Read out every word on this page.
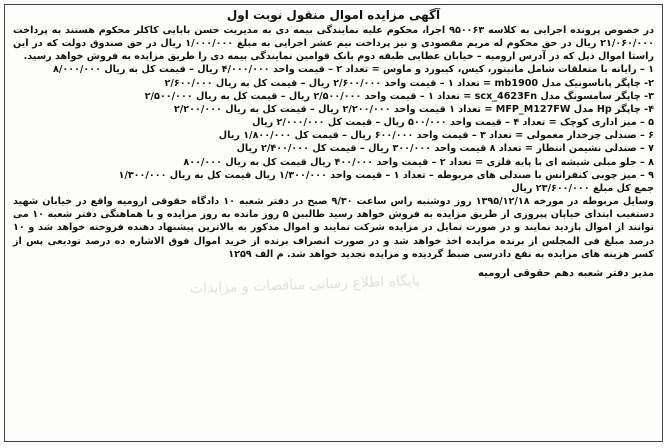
آگهی مزایده اموال منقول نوبت اول

در خصوص پرونده اجرایی به کلاسه ۹۵۰۰۶۳ اجرا، محکوم علیه نمایندگی بیمه دی به مدیریت حسن بابایی کاکلر محکوم هستند به پرداخت ۲۱/۰۶۰/۰۰۰ ریال در حق محکوم له مریم مقصودی و نیز پرداخت نیم عشر اجرایی به مبلغ ۱/۰۰۰/۰۰۰ ریال در حق صندوق دولت که در این راستا اموال ذیل که در آدرس ارومیه – خیابان عطایی طبقه دوم بانک قوامین نمایندگی بیمه دی را طریق مزایده به فروش خواهد رسید.

۱ – رایانه با متعلقات شامل مانیتور، کیس، کیبورد و ماوس = تعداد ۲ – قیمت واحد ۴/۰۰۰/۰۰۰ ریال – قیمت کل به ریال ۸/۰۰۰/۰۰۰

۲- چاپگر پاناسونیک مدل mb1900 = تعداد ۱ – قیمت واحد ۲/۶۰۰/۰۰۰ ریال – قیمت کل به ریال ۲/۶۰۰/۰۰۰

۳- چاپگر سامسونگ مدل scx_4623Fn = تعداد ۱ – قیمت واحد ۲/۵۰۰/۰۰۰ ریال – قیمت کل به ریال ۲/۵۰۰/۰۰۰

۴- چاپگر Hp مدل MFP_M127FW = تعداد ۱ قیمت واحد ۲/۲۰۰/۰۰۰ ریال – قیمت کل به ریال ۲/۲۰۰/۰۰۰

۵ – میز اداری کوچک = تعداد ۴ – قیمت واحد ۵۰۰/۰۰۰ ریال – قیمت کل ۲/۰۰۰/۰۰۰ ریال

۶ – صندلی چرخدار معمولی = تعداد ۳ – قیمت واحد ۶۰۰/۰۰۰ ریال – قیمت کل ۱/۸۰۰/۰۰۰ ریال

۷ – صندلی نشیمن انتظار = تعداد ۸ قیمت واحد ۳۰۰/۰۰۰ ریال – قیمت کل ۲/۴۰۰/۰۰۰ ریال

۸ – جلو مبلی شیشه ای با پایه فلزی = تعداد ۲ – قیمت واحد ۴۰۰/۰۰۰ ریال قیمت کل به ریال ۸۰۰/۰۰۰

۹ – میز چوبی کنفرانس با صندلی های مربوطه – تعداد ۱ – قیمت واحد ۱/۳۰۰/۰۰۰ ریال قیمت کل به ریال ۱/۳۰۰/۰۰۰

جمع کل مبلغ ۲۳/۶۰۰/۰۰۰ ریال

وسایل مربوطه در مورخه ۱۳۹۵/۱۲/۱۸ روز دوشنبه راس ساعت ۹/۳۰ صبح در دفتر شعبه ۱۰ دادگاه حقوقی ارومیه واقع در خیابان شهید دستغیب ابتدای خیابان پیروزی از طریق مزایده به فروش خواهد رسید طالبین ۵ روز مانده به روز مزایده و با هماهنگی دفتر شعبه ۱۰ می توانند از اموال بازدید نمایند و در صورت تمایل در مزایده شرکت نمایند و اموال مذکور به بالاترین پیشنهاد دهنده فروخته خواهد شد و ۱۰ درصد مبلغ فی المجلس از برنده مزایده اخذ خواهد شد و در صورت انصراف برنده از خرید اموال فوق الاشاره ده درصد تودیعی پس از کسر هزینه های مزایده به نفع دادرسی ضبط گردیده و مزایده تجدید خواهد شد. م الف ۱۲۵۹

مدیر دفتر شعبه دهم حقوقی ارومیه
پایگاه اطلاع رسانی مناقصات و مزایدات
